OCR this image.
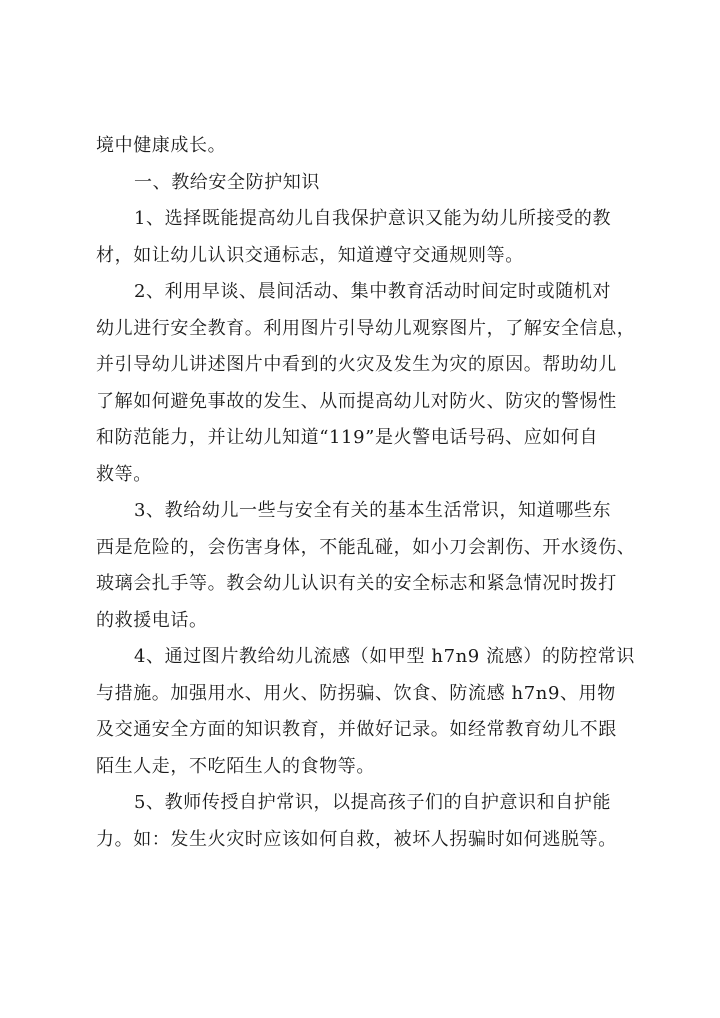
境中健康成长。
一、教给安全防护知识
1、选择既能提高幼儿自我保护意识又能为幼儿所接受的教
材，如让幼儿认识交通标志，知道遵守交通规则等。
2、利用早谈、晨间活动、集中教育活动时间定时或随机对
幼儿进行安全教育。利用图片引导幼儿观察图片，了解安全信息，
并引导幼儿讲述图片中看到的火灾及发生为灾的原因。帮助幼儿
了解如何避免事故的发生、从而提高幼儿对防火、防灾的警惕性
和防范能力，并让幼儿知道“119”是火警电话号码、应如何自
救等。
3、教给幼儿一些与安全有关的基本生活常识，知道哪些东
西是危险的，会伤害身体，不能乱碰，如小刀会割伤、开水烫伤、
玻璃会扎手等。教会幼儿认识有关的安全标志和紧急情况时拨打
的救援电话。
4、通过图片教给幼儿流感（如甲型 h7n9 流感）的防控常识
与措施。加强用水、用火、防拐骗、饮食、防流感 h7n9、用物
及交通安全方面的知识教育，并做好记录。如经常教育幼儿不跟
陌生人走，不吃陌生人的食物等。
5、教师传授自护常识，以提高孩子们的自护意识和自护能
力。如：发生火灾时应该如何自救，被坏人拐骗时如何逃脱等。
